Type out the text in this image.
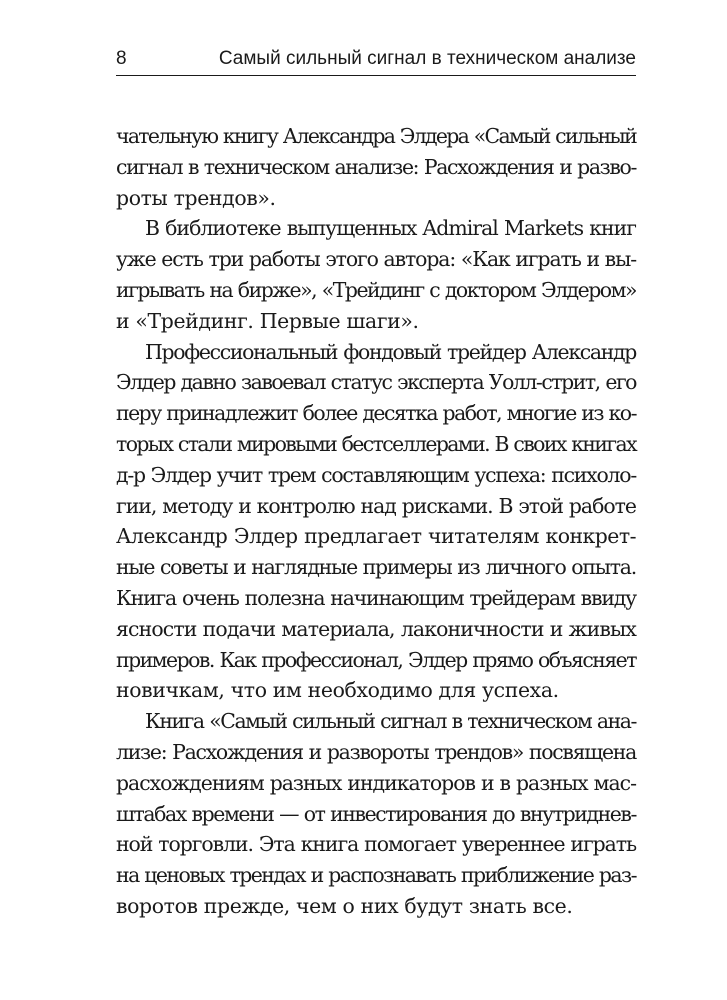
8	Самый сильный сигнал в техническом анализе
чательную книгу Александра Элдера «Самый сильный
сигнал в техническом анализе: Расхождения и разво-
роты трендов».
В библиотеке выпущенных Admiral Markets книг
уже есть три работы этого автора: «Как играть и вы-
игрывать на бирже», «Трейдинг с доктором Элдером»
и «Трейдинг. Первые шаги».
Профессиональный фондовый трейдер Александр
Элдер давно завоевал статус эксперта Уолл-стрит, его
перу принадлежит более десятка работ, многие из ко-
торых стали мировыми бестселлерами. В своих книгах
д-р Элдер учит трем составляющим успеха: психоло-
гии, методу и контролю над рисками. В этой работе
Александр Элдер предлагает читателям конкрет-
ные советы и наглядные примеры из личного опыта.
Книга очень полезна начинающим трейдерам ввиду
ясности подачи материала, лаконичности и живых
примеров. Как профессионал, Элдер прямо объясняет
новичкам, что им необходимо для успеха.
Книга «Самый сильный сигнал в техническом ана-
лизе: Расхождения и развороты трендов» посвящена
расхождениям разных индикаторов и в разных мас-
штабах времени — от инвестирования до внутриднев-
ной торговли. Эта книга помогает увереннее играть
на ценовых трендах и распознавать приближение раз-
воротов прежде, чем о них будут знать все.
